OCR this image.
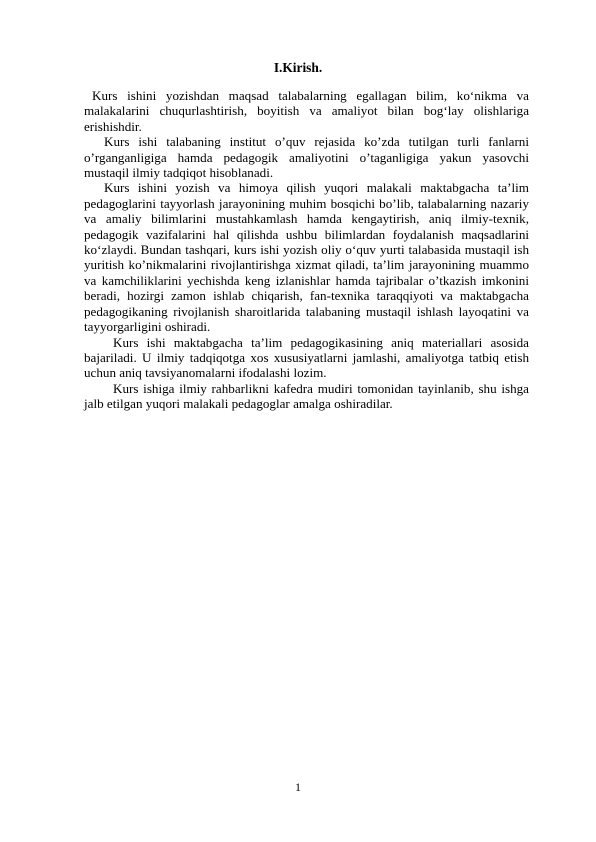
I.Kirish.

Kurs ishini yozishdan maqsad talabalarning egallagan bilim, ko‘nikma va malakalarini chuqurlashtirish, boyitish va amaliyot bilan bog‘lay olishlariga erishishdir.

Kurs ishi talabaning institut o’quv rejasida ko’zda tutilgan turli fanlarni o’rganganligiga hamda pedagogik amaliyotini o’taganligiga yakun yasovchi mustaqil ilmiy tadqiqot hisoblanadi.

Kurs ishini yozish va himoya qilish yuqori malakali maktabgacha ta’lim pedagoglarini tayyorlash jarayonining muhim bosqichi bo’lib, talabalarning nazariy va amaliy bilimlarini mustahkamlash hamda kengaytirish, aniq ilmiy-texnik, pedagogik vazifalarini hal qilishda ushbu bilimlardan foydalanish maqsadlarini ko‘zlaydi. Bundan tashqari, kurs ishi yozish oliy o‘quv yurti talabasida mustaqil ish yuritish ko’nikmalarini rivojlantirishga xizmat qiladi, ta’lim jarayonining muammo va kamchiliklarini yechishda keng izlanishlar hamda tajribalar o’tkazish imkonini beradi, hozirgi zamon ishlab chiqarish, fan-texnika taraqqiyoti va maktabgacha pedagogikaning rivojlanish sharoitlarida talabaning mustaqil ishlash layoqatini va tayyorgarligini oshiradi.

Kurs ishi maktabgacha ta’lim pedagogikasining aniq materiallari asosida bajariladi. U ilmiy tadqiqotga xos xususiyatlarni jamlashi, amaliyotga tatbiq etish uchun aniq tavsiyanomalarni ifodalashi lozim.

Kurs ishiga ilmiy rahbarlikni kafedra mudiri tomonidan tayinlanib, shu ishga jalb etilgan yuqori malakali pedagoglar amalga oshiradilar.

1
